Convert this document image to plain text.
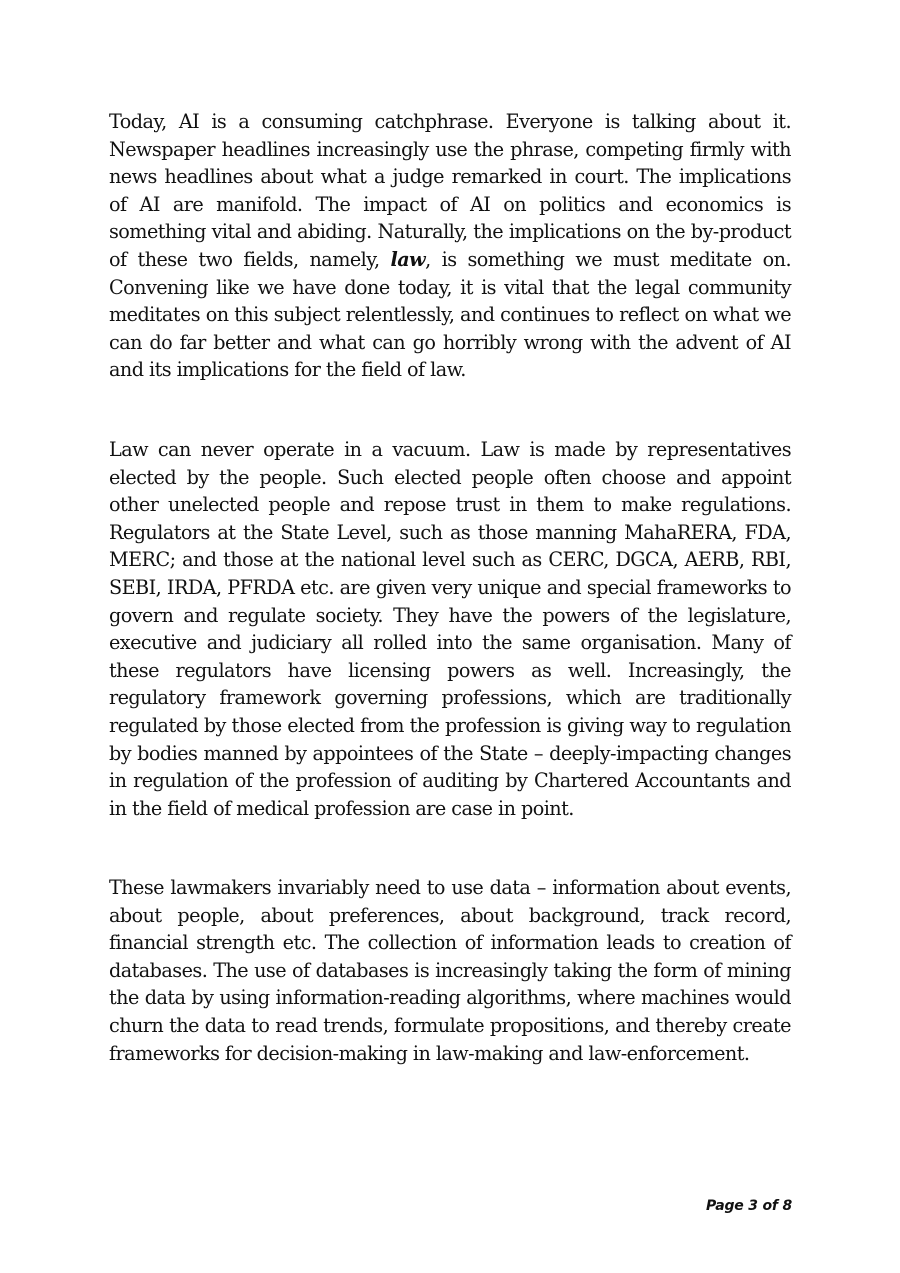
Today, AI is a consuming catchphrase. Everyone is talking about it. Newspaper headlines increasingly use the phrase, competing firmly with news headlines about what a judge remarked in court. The implications of AI are manifold. The impact of AI on politics and economics is something vital and abiding. Naturally, the implications on the by-product of these two fields, namely, law, is something we must meditate on. Convening like we have done today, it is vital that the legal community meditates on this subject relentlessly, and continues to reflect on what we can do far better and what can go horribly wrong with the advent of AI and its implications for the field of law.

Law can never operate in a vacuum. Law is made by representatives elected by the people. Such elected people often choose and appoint other unelected people and repose trust in them to make regulations. Regulators at the State Level, such as those manning MahaRERA, FDA, MERC; and those at the national level such as CERC, DGCA, AERB, RBI, SEBI, IRDA, PFRDA etc. are given very unique and special frameworks to govern and regulate society. They have the powers of the legislature, executive and judiciary all rolled into the same organisation. Many of these regulators have licensing powers as well. Increasingly, the regulatory framework governing professions, which are traditionally regulated by those elected from the profession is giving way to regulation by bodies manned by appointees of the State – deeply-impacting changes in regulation of the profession of auditing by Chartered Accountants and in the field of medical profession are case in point.

These lawmakers invariably need to use data – information about events, about people, about preferences, about background, track record, financial strength etc. The collection of information leads to creation of databases. The use of databases is increasingly taking the form of mining the data by using information-reading algorithms, where machines would churn the data to read trends, formulate propositions, and thereby create frameworks for decision-making in law-making and law-enforcement.

Page 3 of 8
